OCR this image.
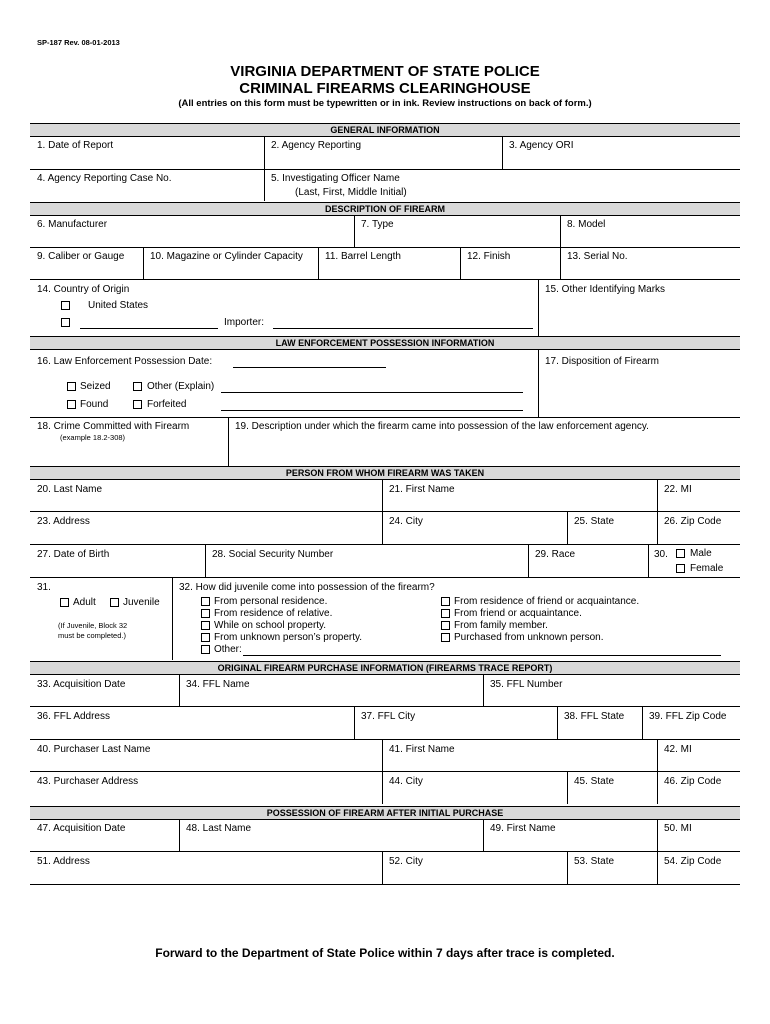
SP-187 Rev. 08-01-2013
VIRGINIA DEPARTMENT OF STATE POLICE
CRIMINAL FIREARMS CLEARINGHOUSE
(All entries on this form must be typewritten or in ink. Review instructions on back of form.)
GENERAL INFORMATION
1. Date of Report	2. Agency Reporting	3. Agency ORI
4. Agency Reporting Case No.	5. Investigating Officer Name
(Last, First, Middle Initial)
DESCRIPTION OF FIREARM
6. Manufacturer	7. Type	8. Model
9. Caliber or Gauge	10. Magazine or Cylinder Capacity 11. Barrel Length	12. Finish	13. Serial No.
14. Country of Origin
United States
Importer:
15. Other Identifying Marks
LAW ENFORCEMENT POSSESSION INFORMATION
16. Law Enforcement Possession Date:
Seized	Other (Explain)
Found	Forfeited
17. Disposition of Firearm
18. Crime Committed with Firearm
(example 18.2-308)
19. Description under which the firearm came into possession of the law enforcement agency.
PERSON FROM WHOM FIREARM WAS TAKEN
20. Last Name	21. First Name	22. MI
23. Address	24. City	25. State	26. Zip Code
27. Date of Birth	28. Social Security Number	29. Race	30. Male
Female
31.
Adult	Juvenile
(If Juvenile, Block 32
must be completed.)
32. How did juvenile come into possession of the firearm?
From personal residence.
From residence of relative.
While on school property.
From unknown person’s property.
Other:
From residence of friend or acquaintance.
From friend or acquaintance.
From family member.
Purchased from unknown person.
ORIGINAL FIREARM PURCHASE INFORMATION (FIREARMS TRACE REPORT)
33. Acquisition Date	34. FFL Name	35. FFL Number
36. FFL Address	37. FFL City	38. FFL State 39. FFL Zip Code
40. Purchaser Last Name	41. First Name	42. MI
43. Purchaser Address	44. City	45. State	46. Zip Code
POSSESSION OF FIREARM AFTER INITIAL PURCHASE
47. Acquisition Date	48. Last Name	49. First Name	50. MI
51. Address	52. City	53. State	54. Zip Code
Forward to the Department of State Police within 7 days after trace is completed.
